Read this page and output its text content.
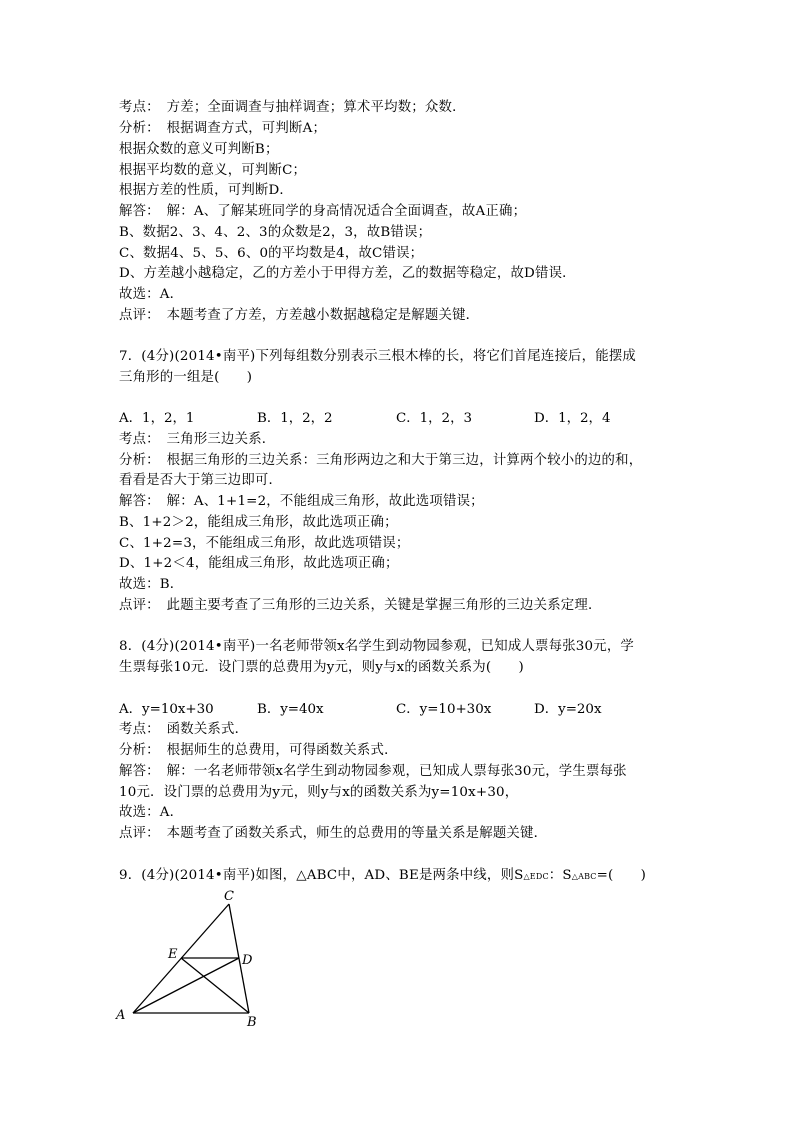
考点：　方差；全面调查与抽样调查；算术平均数；众数．
分析：　根据调查方式，可判断A；
根据众数的意义可判断B；
根据平均数的意义，可判断C；
根据方差的性质，可判断D．
解答：　解：A、了解某班同学的身高情况适合全面调查，故A正确；
B、数据2、3、4、2、3的众数是2，3，故B错误；
C、数据4、5、5、6、0的平均数是4，故C错误；
D、方差越小越稳定，乙的方差小于甲得方差，乙的数据等稳定，故D错误．
故选：A．
点评：　本题考查了方差，方差越小数据越稳定是解题关键．
7．(4分)(2014•南平)下列每组数分别表示三根木棒的长，将它们首尾连接后，能摆成
三角形的一组是(　　)
A．1，2，1	B．1，2，2	C．1，2，3	D．1，2，4
考点：　三角形三边关系．
分析：　根据三角形的三边关系：三角形两边之和大于第三边，计算两个较小的边的和，
看看是否大于第三边即可．
解答：　解：A、1+1=2，不能组成三角形，故此选项错误；
B、1+2＞2，能组成三角形，故此选项正确；
C、1+2=3，不能组成三角形，故此选项错误；
D、1+2＜4，能组成三角形，故此选项正确；
故选：B．
点评：　此题主要考查了三角形的三边关系，关键是掌握三角形的三边关系定理．
8．(4分)(2014•南平)一名老师带领x名学生到动物园参观，已知成人票每张30元，学
生票每张10元．设门票的总费用为y元，则y与x的函数关系为(　　)
A．y=10x+30	B．y=40x	C．y=10+30x	D．y=20x
考点：　函数关系式．
分析：　根据师生的总费用，可得函数关系式．
解答：　解：一名老师带领x名学生到动物园参观，已知成人票每张30元，学生票每张
10元．设门票的总费用为y元，则y与x的函数关系为y=10x+30，
故选：A．
点评：　本题考查了函数关系式，师生的总费用的等量关系是解题关键．
9．(4分)(2014•南平)如图，△ABC中，AD、BE是两条中线，则S△EDC：S△ABC=(　　)
A	B
C
D
E
